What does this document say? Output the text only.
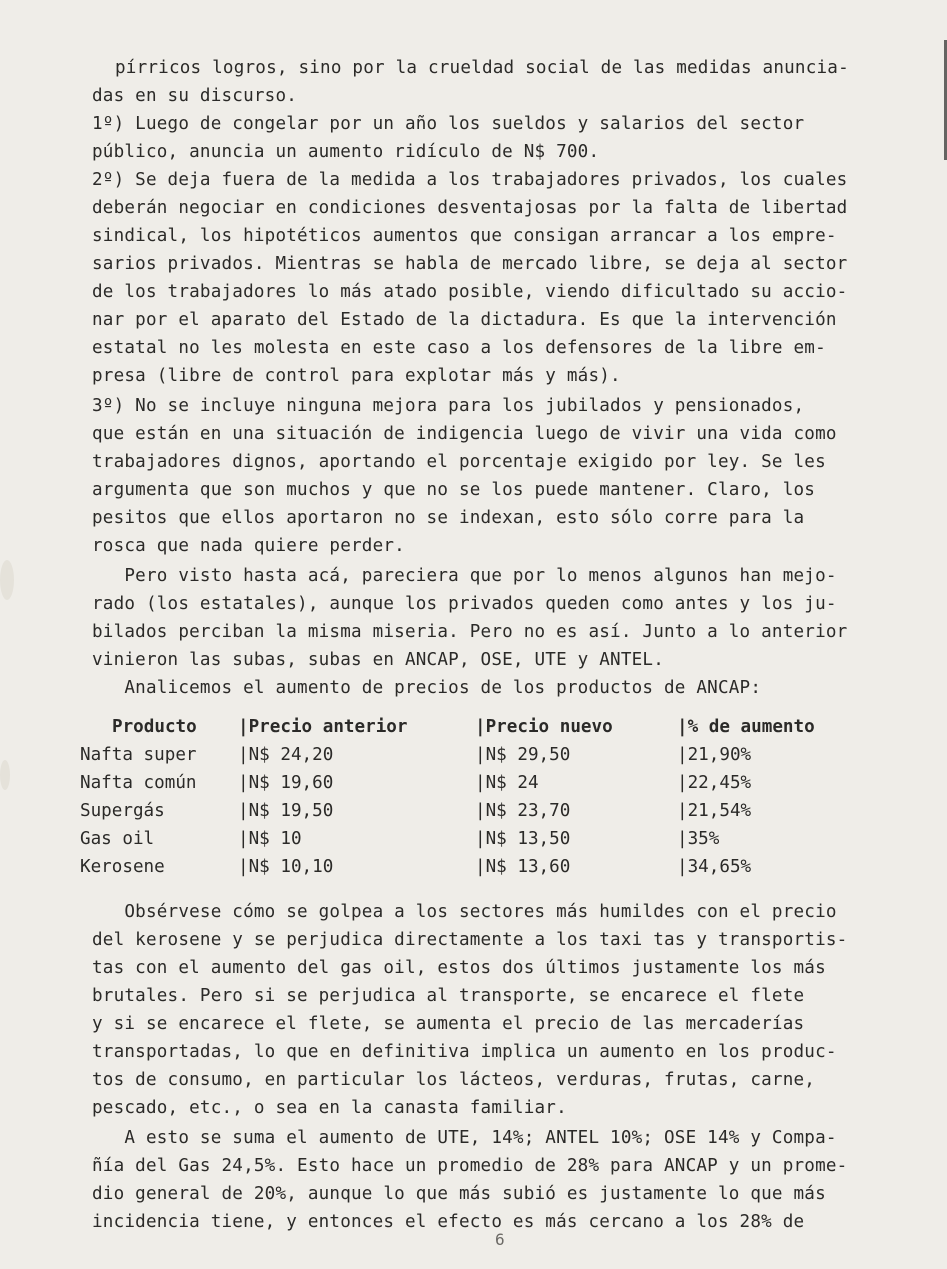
pírricos logros, sino por la crueldad social de las medidas anuncia-
das en su discurso.
1º) Luego de congelar por un año los sueldos y salarios del sector
público, anuncia un aumento ridículo de N$ 700.
2º) Se deja fuera de la medida a los trabajadores privados, los cuales
deberán negociar en condiciones desventajosas por la falta de libertad
sindical, los hipotéticos aumentos que consigan arrancar a los empre-
sarios privados. Mientras se habla de mercado libre, se deja al sector
de los trabajadores lo más atado posible, viendo dificultado su accio-
nar por el aparato del Estado de la dictadura. Es que la intervención
estatal no les molesta en este caso a los defensores de la libre em-
presa (libre de control para explotar más y más).
3º) No se incluye ninguna mejora para los jubilados y pensionados,
que están en una situación de indigencia luego de vivir una vida como
trabajadores dignos, aportando el porcentaje exigido por ley. Se les
argumenta que son muchos y que no se los puede mantener. Claro, los
pesitos que ellos aportaron no se indexan, esto sólo corre para la
rosca que nada quiere perder.
Pero visto hasta acá, pareciera que por lo menos algunos han mejo-
rado (los estatales), aunque los privados queden como antes y los ju-
bilados perciban la misma miseria. Pero no es así. Junto a lo anterior
vinieron las subas, subas en ANCAP, OSE, UTE y ANTEL.
Analicemos el aumento de precios de los productos de ANCAP:
Producto	|Precio anterior	|Precio nuevo	|% de aumento
Nafta super	|N$ 24,20	|N$ 29,50	|21,90%
Nafta común	|N$ 19,60	|N$ 24	|22,45%
Supergás	|N$ 19,50	|N$ 23,70	|21,54%
Gas oil	|N$ 10	|N$ 13,50	|35%
Kerosene	|N$ 10,10	|N$ 13,60	|34,65%
Obsérvese cómo se golpea a los sectores más humildes con el precio
del kerosene y se perjudica directamente a los taxi tas y transportis-
tas con el aumento del gas oil, estos dos últimos justamente los más
brutales. Pero si se perjudica al transporte, se encarece el flete
y si se encarece el flete, se aumenta el precio de las mercaderías
transportadas, lo que en definitiva implica un aumento en los produc-
tos de consumo, en particular los lácteos, verduras, frutas, carne,
pescado, etc., o sea en la canasta familiar.
A esto se suma el aumento de UTE, 14%; ANTEL 10%; OSE 14% y Compa-
ñía del Gas 24,5%. Esto hace un promedio de 28% para ANCAP y un prome-
dio general de 20%, aunque lo que más subió es justamente lo que más
incidencia tiene, y entonces el efecto es más cercano a los 28% de
6
